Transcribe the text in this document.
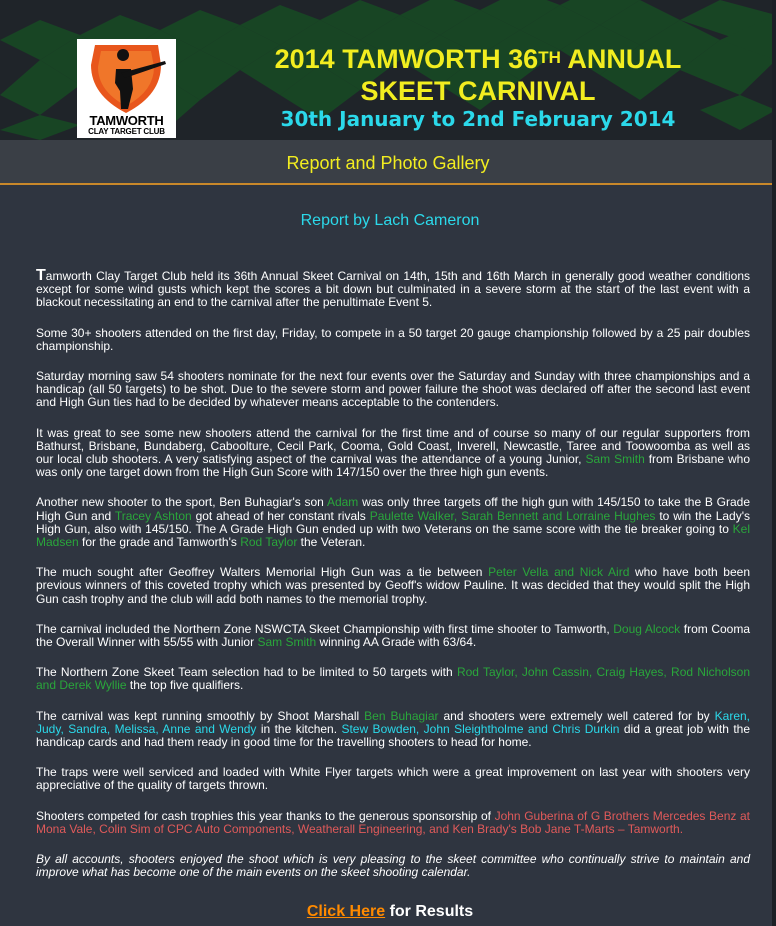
TAMWORTH
CLAY TARGET CLUB
2014 TAMWORTH 36TH ANNUAL
SKEET CARNIVAL
30th January to 2nd February 2014
Report and Photo Gallery
Report by Lach Cameron

Tamworth Clay Target Club held its 36th Annual Skeet Carnival on 14th, 15th and 16th March in generally good weather conditions except for some wind gusts which kept the scores a bit down but culminated in a severe storm at the start of the last event with a blackout necessitating an end to the carnival after the penultimate Event 5.

Some 30+ shooters attended on the first day, Friday, to compete in a 50 target 20 gauge championship followed by a 25 pair doubles championship.

Saturday morning saw 54 shooters nominate for the next four events over the Saturday and Sunday with three championships and a handicap (all 50 targets) to be shot. Due to the severe storm and power failure the shoot was declared off after the second last event and High Gun ties had to be decided by whatever means acceptable to the contenders.

It was great to see some new shooters attend the carnival for the first time and of course so many of our regular supporters from Bathurst, Brisbane, Bundaberg, Caboolture, Cecil Park, Cooma, Gold Coast, Inverell, Newcastle, Taree and Toowoomba as well as our local club shooters. A very satisfying aspect of the carnival was the attendance of a young Junior, Sam Smith from Brisbane who was only one target down from the High Gun Score with 147/150 over the three high gun events.

Another new shooter to the sport, Ben Buhagiar's son Adam was only three targets off the high gun with 145/150 to take the B Grade High Gun and Tracey Ashton got ahead of her constant rivals Paulette Walker, Sarah Bennett and Lorraine Hughes to win the Lady's High Gun, also with 145/150. The A Grade High Gun ended up with two Veterans on the same score with the tie breaker going to Kel Madsen for the grade and Tamworth's Rod Taylor the Veteran.

The much sought after Geoffrey Walters Memorial High Gun was a tie between Peter Vella and Nick Aird who have both been previous winners of this coveted trophy which was presented by Geoff's widow Pauline. It was decided that they would split the High Gun cash trophy and the club will add both names to the memorial trophy.

The carnival included the Northern Zone NSWCTA Skeet Championship with first time shooter to Tamworth, Doug Alcock from Cooma the Overall Winner with 55/55 with Junior Sam Smith winning AA Grade with 63/64.

The Northern Zone Skeet Team selection had to be limited to 50 targets with Rod Taylor, John Cassin, Craig Hayes, Rod Nicholson and Derek Wyllie the top five qualifiers.

The carnival was kept running smoothly by Shoot Marshall Ben Buhagiar and shooters were extremely well catered for by Karen, Judy, Sandra, Melissa, Anne and Wendy in the kitchen. Stew Bowden, John Sleightholme and Chris Durkin did a great job with the handicap cards and had them ready in good time for the travelling shooters to head for home.

The traps were well serviced and loaded with White Flyer targets which were a great improvement on last year with shooters very appreciative of the quality of targets thrown.

Shooters competed for cash trophies this year thanks to the generous sponsorship of John Guberina of G Brothers Mercedes Benz at Mona Vale, Colin Sim of CPC Auto Components, Weatherall Engineering, and Ken Brady's Bob Jane T-Marts – Tamworth.

By all accounts, shooters enjoyed the shoot which is very pleasing to the skeet committee who continually strive to maintain and improve what has become one of the main events on the skeet shooting calendar.

Click Here for Results
